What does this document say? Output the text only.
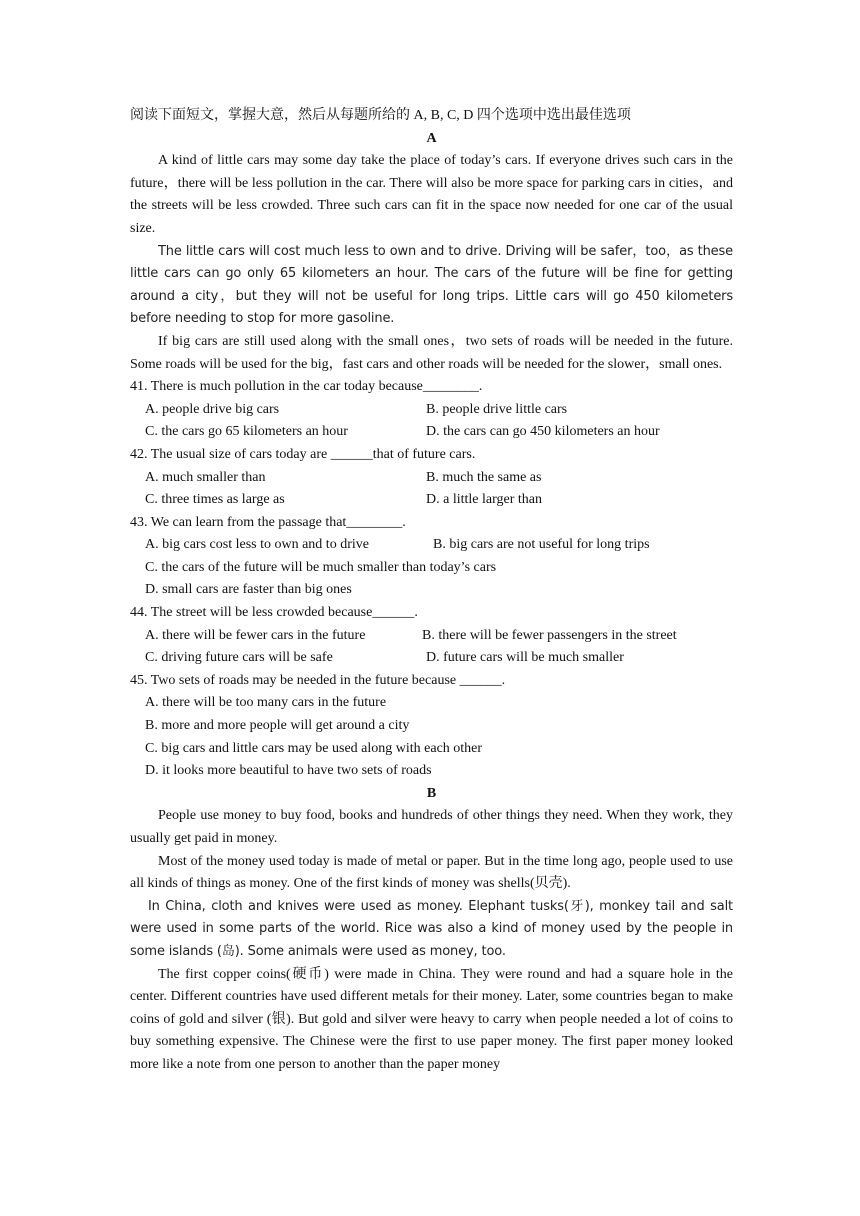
阅读下面短文，掌握大意，然后从每题所给的 A, B, C, D 四个选项中选出最佳选项
A

A kind of little cars may some day take the place of today’s cars. If everyone drives such cars in the future，there will be less pollution in the car. There will also be more space for parking cars in cities，and the streets will be less crowded. Three such cars can fit in the space now needed for one car of the usual size.

The little cars will cost much less to own and to drive. Driving will be safer，too，as these little cars can go only 65 kilometers an hour. The cars of the future will be fine for getting around a city，but they will not be useful for long trips. Little cars will go 450 kilometers before needing to stop for more gasoline.

If big cars are still used along with the small ones，two sets of roads will be needed in the future. Some roads will be used for the big，fast cars and other roads will be needed for the slower，small ones.

41. There is much pollution in the car today because________.
A. people drive big cars	B. people drive little cars
C. the cars go 65 kilometers an hour	D. the cars can go 450 kilometers an hour
42. The usual size of cars today are ______that of future cars.
A. much smaller than	B. much the same as
C. three times as large as	D. a little larger than
43. We can learn from the passage that________.
A. big cars cost less to own and to drive	B. big cars are not useful for long trips
C. the cars of the future will be much smaller than today’s cars
D. small cars are faster than big ones
44. The street will be less crowded because______.
A. there will be fewer cars in the future	B. there will be fewer passengers in the street
C. driving future cars will be safe	D. future cars will be much smaller
45. Two sets of roads may be needed in the future because ______.
A. there will be too many cars in the future
B. more and more people will get around a city
C. big cars and little cars may be used along with each other
D. it looks more beautiful to have two sets of roads
B

People use money to buy food, books and hundreds of other things they need. When they work, they usually get paid in money.

Most of the money used today is made of metal or paper. But in the time long ago, people used to use all kinds of things as money. One of the first kinds of money was shells(贝壳).

In China, cloth and knives were used as money. Elephant tusks(牙), monkey tail and salt were used in some parts of the world. Rice was also a kind of money used by the people in some islands (岛). Some animals were used as money, too.

The first copper coins(硬币) were made in China. They were round and had a square hole in the center. Different countries have used different metals for their money. Later, some countries began to make coins of gold and silver (银). But gold and silver were heavy to carry when people needed a lot of coins to buy something expensive. The Chinese were the first to use paper money. The first paper money looked more like a note from one person to another than the paper money
